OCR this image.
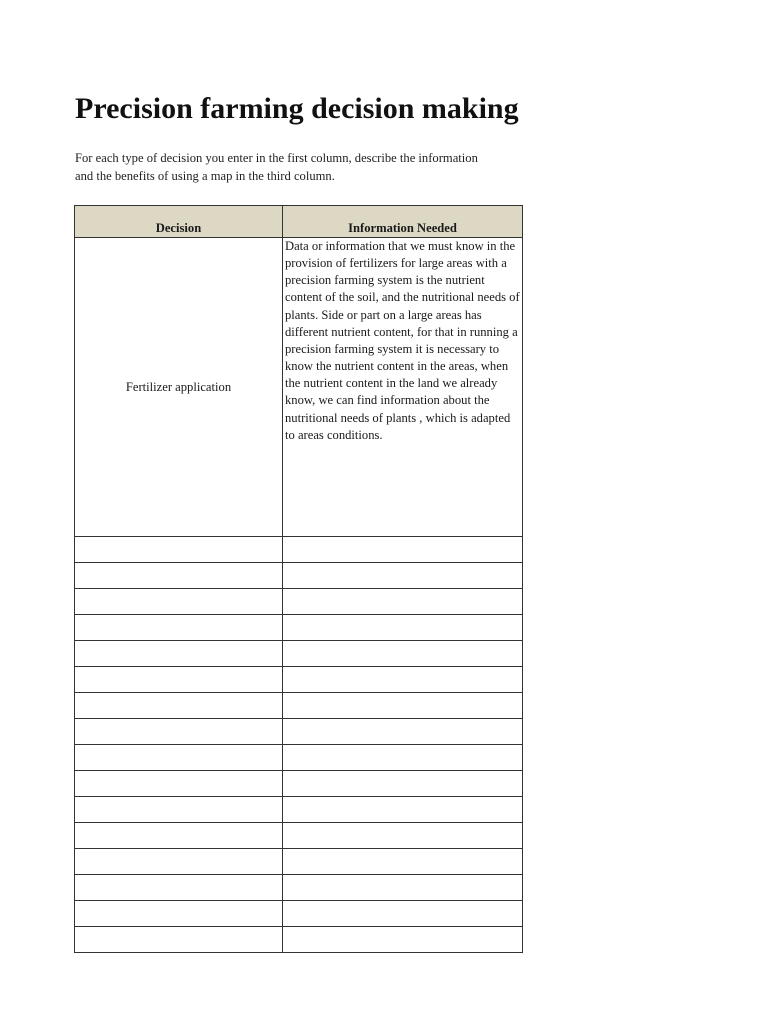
Precision farming decision making

For each type of decision you enter in the first column, describe the information
and the benefits of using a map in the third column.

Decision	Information Needed
Fertilizer application	Data or information that we must know in the provision of fertilizers for large areas with a precision farming system is the nutrient content of the soil, and the nutritional needs of plants. Side or part on a large areas has different nutrient content, for that in running a precision farming system it is necessary to know the nutrient content in the areas, when the nutrient content in the land we already know, we can find information about the nutritional needs of plants , which is adapted to areas conditions.
